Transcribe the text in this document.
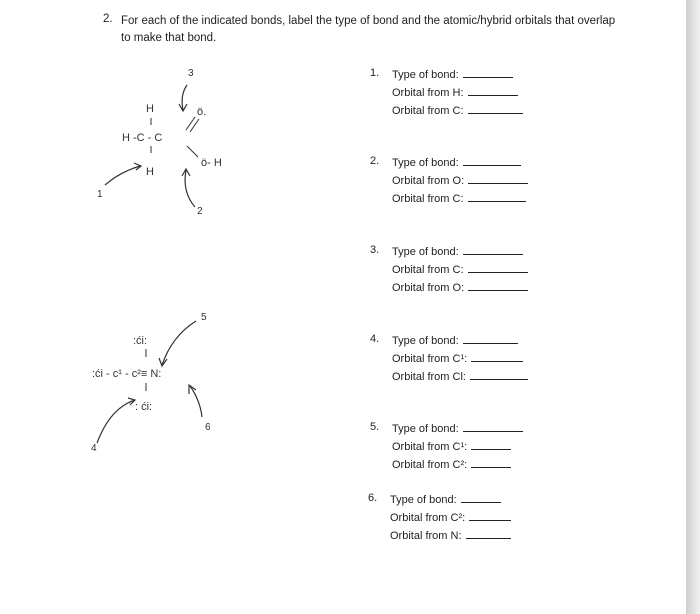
2. For each of the indicated bonds, label the type of bond and the atomic/hybrid orbitals that overlap to make that bond.
H
H -C - C
H
ö.
ö- H
1
2
3
:ći:
:ći - c¹ - c²≡ N:
: ći:
4
5
6
1. Type of bond:
Orbital from H:
Orbital from C:
2. Type of bond:
Orbital from O:
Orbital from C:
3. Type of bond:
Orbital from C:
Orbital from O:
4. Type of bond:
Orbital from C¹:
Orbital from Cl:
5. Type of bond:
Orbital from C¹:
Orbital from C²:
6. Type of bond:
Orbital from C²:
Orbital from N:
